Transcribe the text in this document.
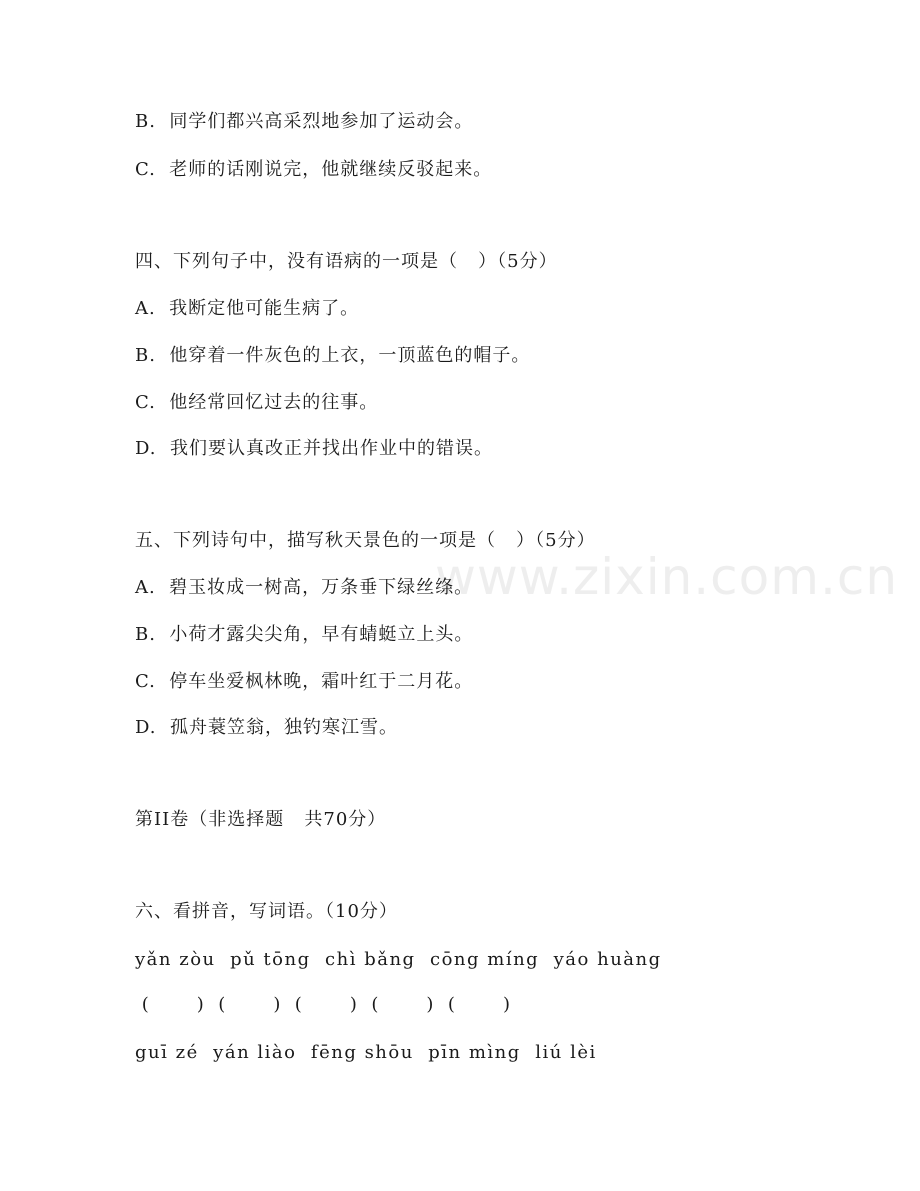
www.zixin.com.cn
B.  同学们都兴高采烈地参加了运动会。
C.  老师的话刚说完，他就继续反驳起来。
四、下列句子中，没有语病的一项是（   ）（5分）
A.  我断定他可能生病了。
B.  他穿着一件灰色的上衣，一顶蓝色的帽子。
C.  他经常回忆过去的往事。
D.  我们要认真改正并找出作业中的错误。
五、下列诗句中，描写秋天景色的一项是（   ）（5分）
A.  碧玉妆成一树高，万条垂下绿丝绦。
B.  小荷才露尖尖角，早有蜻蜓立上头。
C.  停车坐爱枫林晚，霜叶红于二月花。
D.  孤舟蓑笠翁，独钓寒江雪。
第II卷（非选择题   共70分）
六、看拼音，写词语。（10分）
yǎn zòu  pǔ tōng  chì bǎng  cōng míng  yáo huàng
(       )  (       )  (       )  (       )  (       )
guī zé  yán liào  fēng shōu  pīn mìng  liú lèi
